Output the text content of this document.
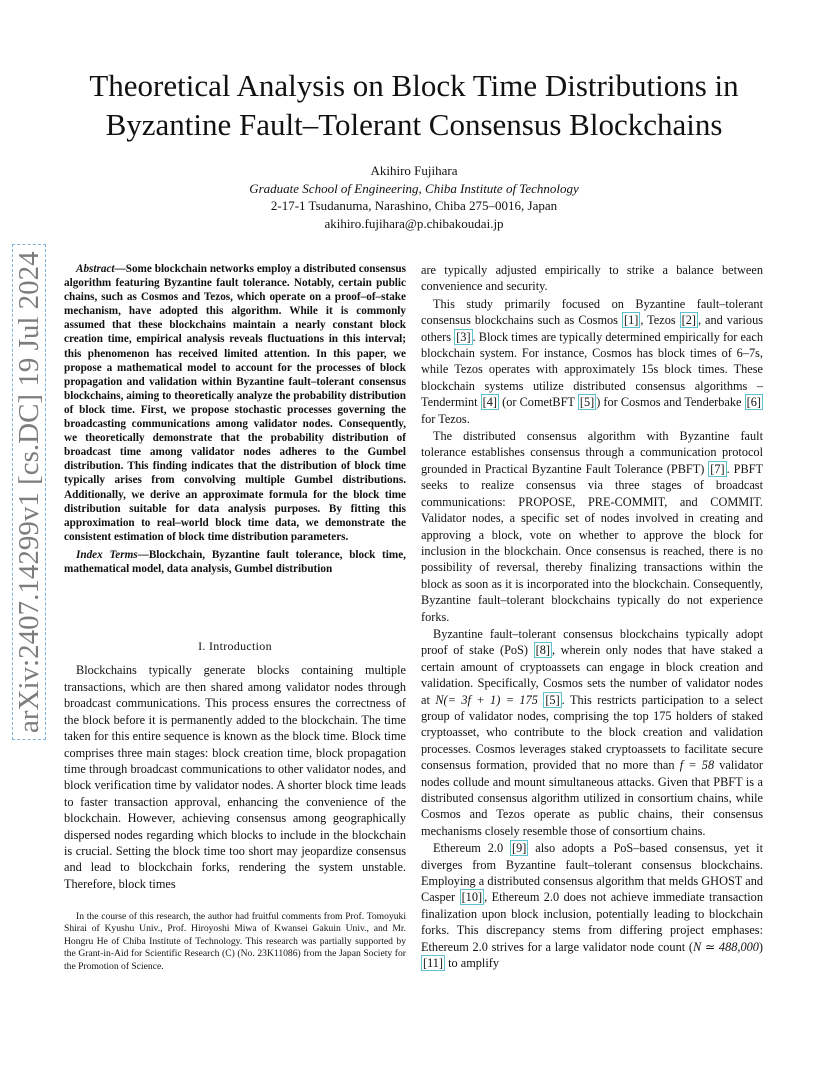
arXiv:2407.14299v1 [cs.DC] 19 Jul 2024
Theoretical Analysis on Block Time Distributions in
Byzantine Fault–Tolerant Consensus Blockchains
Akihiro Fujihara
Graduate School of Engineering, Chiba Institute of Technology
2-17-1 Tsudanuma, Narashino, Chiba 275–0016, Japan
akihiro.fujihara@p.chibakoudai.jp

Abstract—Some blockchain networks employ a distributed consensus algorithm featuring Byzantine fault tolerance. Notably, certain public chains, such as Cosmos and Tezos, which operate on a proof–of–stake mechanism, have adopted this algorithm. While it is commonly assumed that these blockchains maintain a nearly constant block creation time, empirical analysis reveals fluctuations in this interval; this phenomenon has received limited attention. In this paper, we propose a mathematical model to account for the processes of block propagation and validation within Byzantine fault–tolerant consensus blockchains, aiming to theoretically analyze the probability distribution of block time. First, we propose stochastic processes governing the broadcasting communications among validator nodes. Consequently, we theoretically demonstrate that the probability distribution of broadcast time among validator nodes adheres to the Gumbel distribution. This finding indicates that the distribution of block time typically arises from convolving multiple Gumbel distributions. Additionally, we derive an approximate formula for the block time distribution suitable for data analysis purposes. By fitting this approximation to real–world block time data, we demonstrate the consistent estimation of block time distribution parameters.

Index Terms—Blockchain, Byzantine fault tolerance, block time, mathematical model, data analysis, Gumbel distribution

I. Introduction

Blockchains typically generate blocks containing multiple transactions, which are then shared among validator nodes through broadcast communications. This process ensures the correctness of the block before it is permanently added to the blockchain. The time taken for this entire sequence is known as the block time. Block time comprises three main stages: block creation time, block propagation time through broadcast communications to other validator nodes, and block verification time by validator nodes. A shorter block time leads to faster transaction approval, enhancing the convenience of the blockchain. However, achieving consensus among geographically dispersed nodes regarding which blocks to include in the blockchain is crucial. Setting the block time too short may jeopardize consensus and lead to blockchain forks, rendering the system unstable. Therefore, block times

In the course of this research, the author had fruitful comments from Prof. Tomoyuki Shirai of Kyushu Univ., Prof. Hiroyoshi Miwa of Kwansei Gakuin Univ., and Mr. Hongru He of Chiba Institute of Technology. This research was partially supported by the Grant-in-Aid for Scientific Research (C) (No. 23K11086) from the Japan Society for the Promotion of Science.

are typically adjusted empirically to strike a balance between convenience and security.

This study primarily focused on Byzantine fault–tolerant consensus blockchains such as Cosmos [1] , Tezos [2] , and various others [3] . Block times are typically determined empirically for each blockchain system. For instance, Cosmos has block times of 6–7s, while Tezos operates with approximately 15s block times. These blockchain systems utilize distributed consensus algorithms – Tendermint [4] (or CometBFT [5] ) for Cosmos and Tenderbake [6] for Tezos.

The distributed consensus algorithm with Byzantine fault tolerance establishes consensus through a communication protocol grounded in Practical Byzantine Fault Tolerance (PBFT) [7] . PBFT seeks to realize consensus via three stages of broadcast communications: PROPOSE, PRE-COMMIT, and COMMIT. Validator nodes, a specific set of nodes involved in creating and approving a block, vote on whether to approve the block for inclusion in the blockchain. Once consensus is reached, there is no possibility of reversal, thereby finalizing transactions within the block as soon as it is incorporated into the blockchain. Consequently, Byzantine fault–tolerant blockchains typically do not experience forks.

Byzantine fault–tolerant consensus blockchains typically adopt proof of stake (PoS) [8] , wherein only nodes that have staked a certain amount of cryptoassets can engage in block creation and validation. Specifically, Cosmos sets the number of validator nodes at N(= 3f + 1) = 175 [5] . This restricts participation to a select group of validator nodes, comprising the top 175 holders of staked cryptoasset, who contribute to the block creation and validation processes. Cosmos leverages staked cryptoassets to facilitate secure consensus formation, provided that no more than f = 58 validator nodes collude and mount simultaneous attacks. Given that PBFT is a distributed consensus algorithm utilized in consortium chains, while Cosmos and Tezos operate as public chains, their consensus mechanisms closely resemble those of consortium chains.

Ethereum 2.0 [9] also adopts a PoS–based consensus, yet it diverges from Byzantine fault–tolerant consensus blockchains. Employing a distributed consensus algorithm that melds GHOST and Casper [10] , Ethereum 2.0 does not achieve immediate transaction finalization upon block inclusion, potentially leading to blockchain forks. This discrepancy stems from differing project emphases: Ethereum 2.0 strives for a large validator node count (N ≃ 488,000) [11] to amplify
